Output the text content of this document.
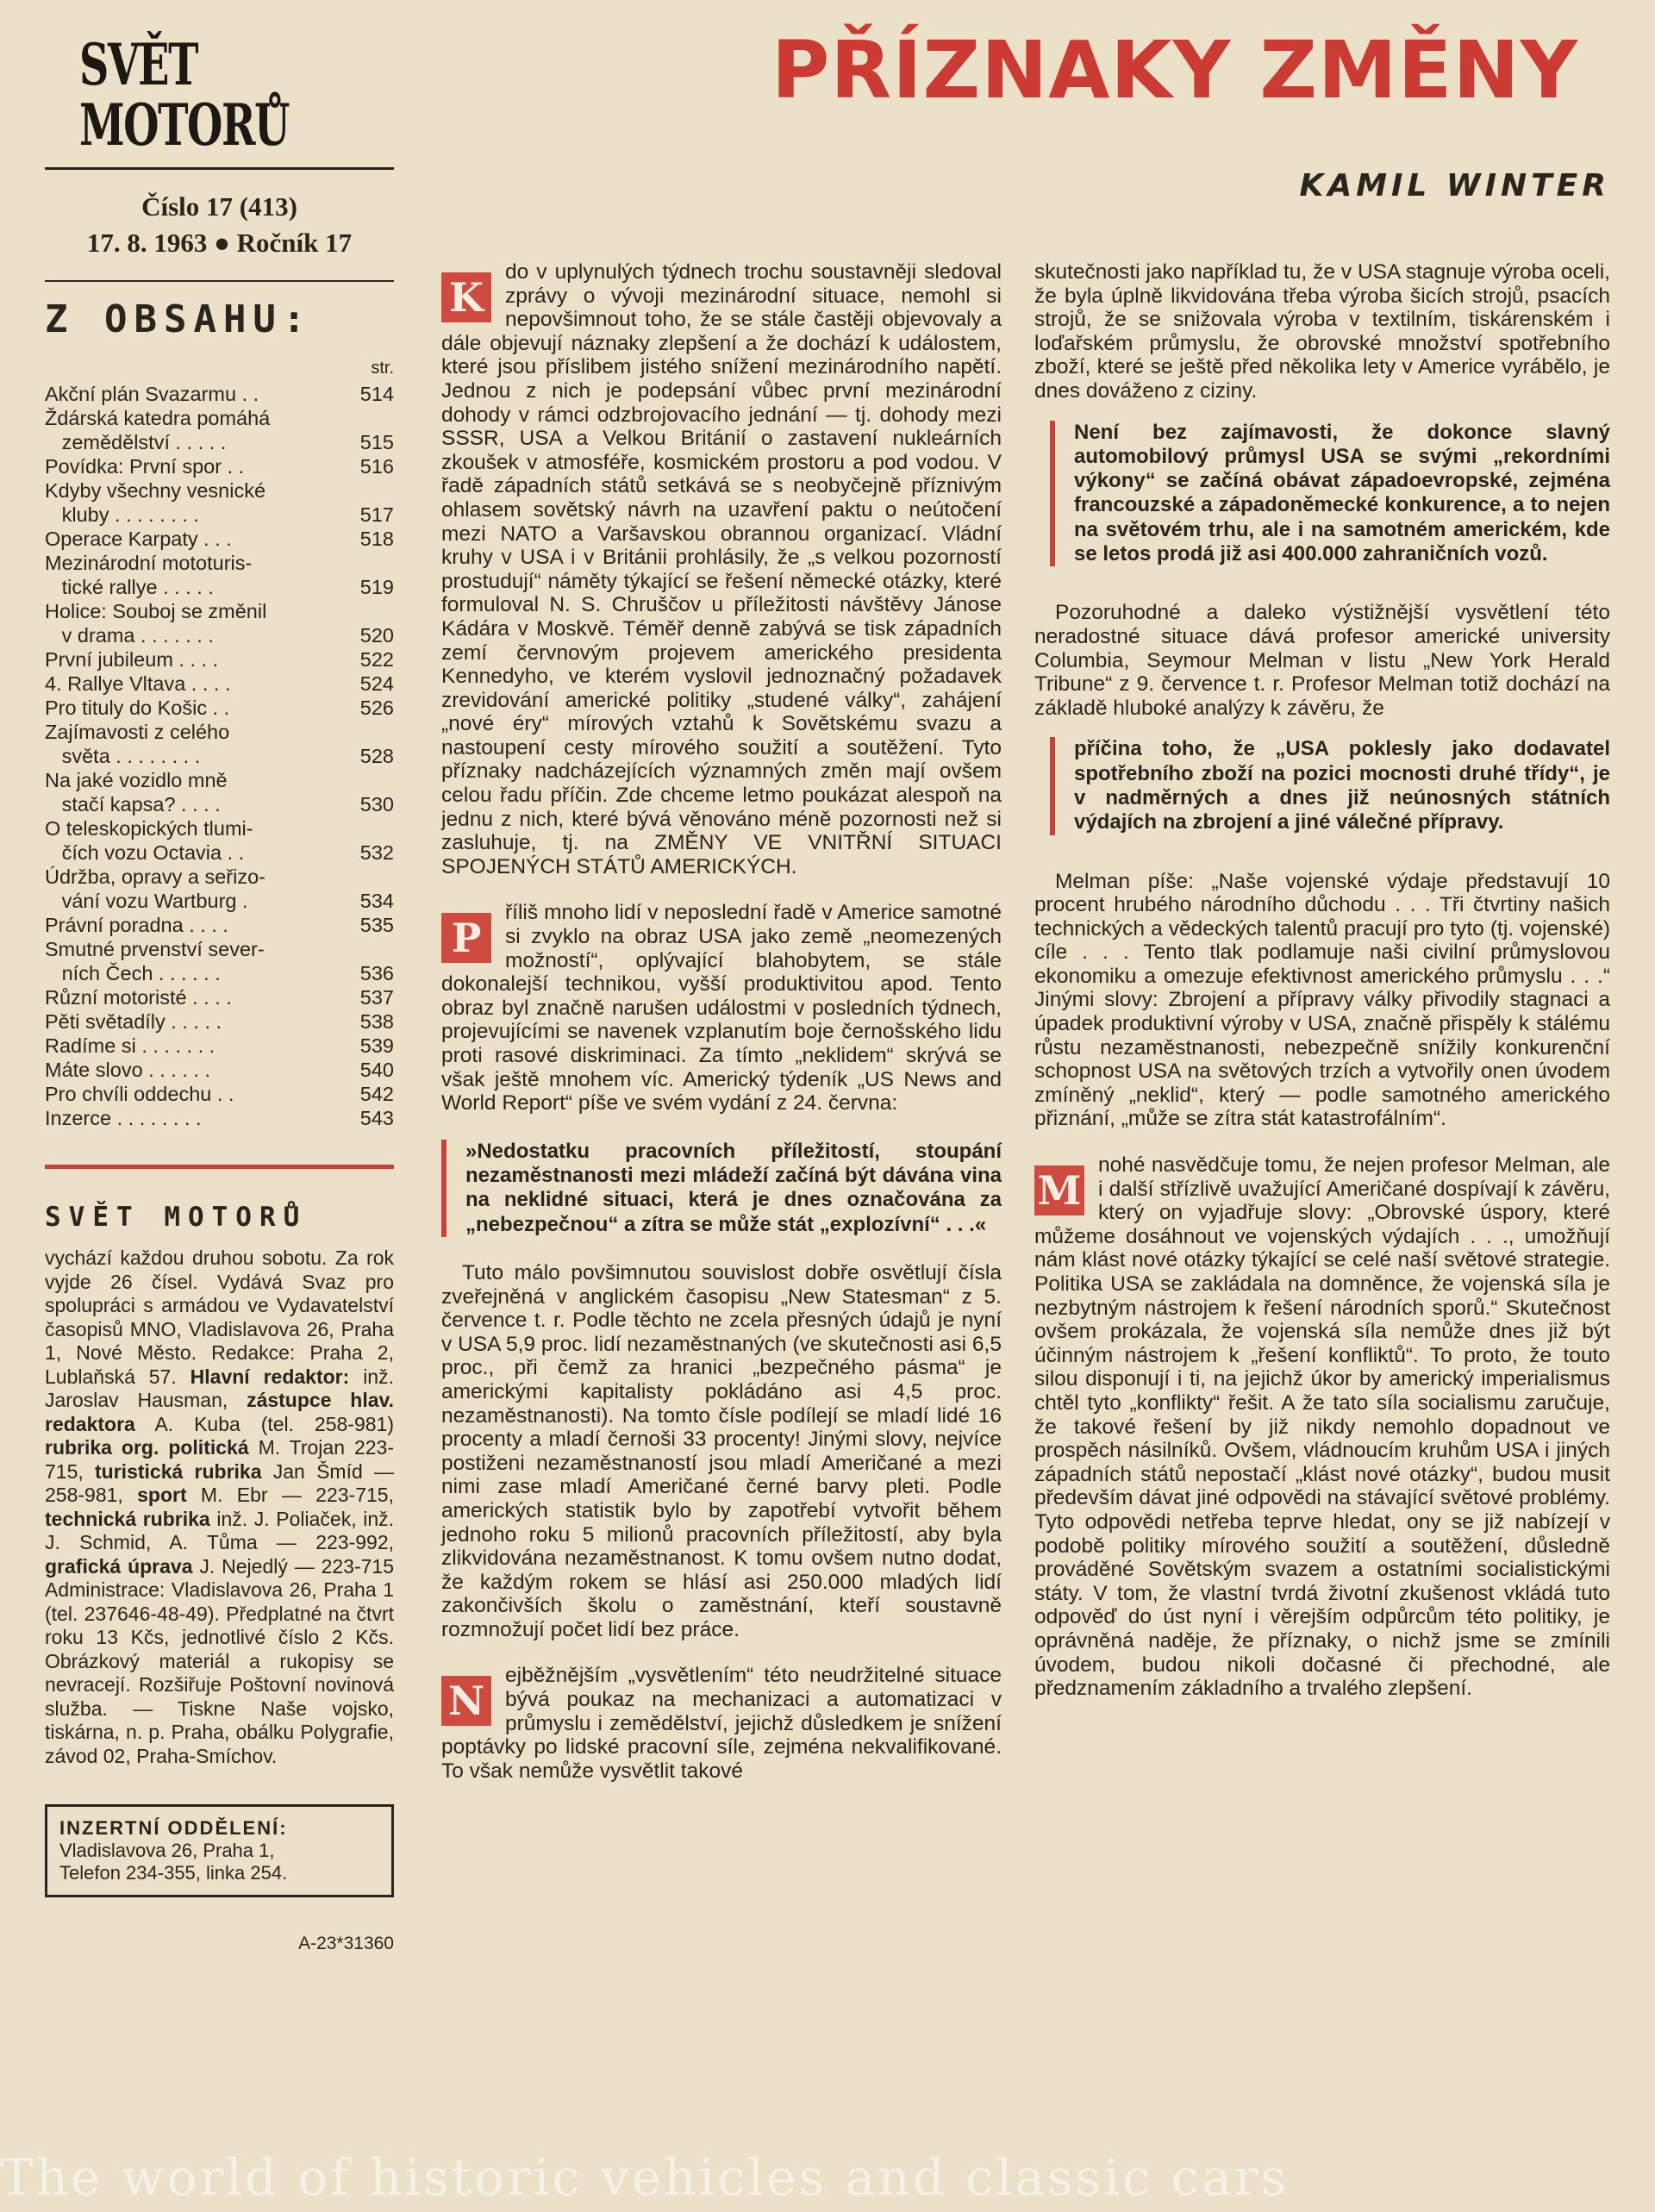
SVĚT MOTORŮ
Číslo 17 (413)
17. 8. 1963 ● Ročník 17
Z OBSAHU:
str.
Akční plán Svazarmu . .	514
Ždárská katedra pomáhá
zemědělství . . . . .	515
Povídka: První spor . .	516
Kdyby všechny vesnické
kluby . . . . . . . .	517
Operace Karpaty . . .	518
Mezinárodní mototuris-
tické rallye . . . . .	519
Holice: Souboj se změnil
v drama . . . . . . .	520
První jubileum . . . .	522
4. Rallye Vltava . . . .	524
Pro tituly do Košic . .	526
Zajímavosti z celého
světa . . . . . . . .	528
Na jaké vozidlo mně
stačí kapsa? . . . .	530
O teleskopických tlumi-
čích vozu Octavia . .	532
Údržba, opravy a seřizo-
vání vozu Wartburg .	534
Právní poradna . . . .	535
Smutné prvenství sever-
ních Čech . . . . . .	536
Různí motoristé . . . .	537
Pěti světadíly . . . . .	538
Radíme si . . . . . . .	539
Máte slovo . . . . . .	540
Pro chvíli oddechu . .	542
Inzerce . . . . . . . .	543
SVĚT MOTORŮ
vychází každou druhou sobotu. Za rok vyjde 26 čísel. Vydává Svaz pro spolupráci s armádou ve Vydavatelství časopisů MNO, Vladislavova 26, Praha 1, Nové Město. Redakce: Praha 2, Lublaňská 57. Hlavní redaktor: inž. Jaroslav Hausman, zástupce hlav. redaktora A. Kuba (tel. 258-981) rubrika org. politická M. Trojan 223-715, turistická rubrika Jan Šmíd — 258-981, sport M. Ebr — 223-715, technická rubrika inž. J. Poliaček, inž. J. Schmid, A. Tůma — 223-992, grafická úprava J. Nejedlý — 223-715 Administrace: Vladislavova 26, Praha 1 (tel. 237646-48-49). Předplatné na čtvrt roku 13 Kčs, jednotlivé číslo 2 Kčs. Obrázkový materiál a rukopisy se nevracejí. Rozšiřuje Poštovní novinová služba. — Tiskne Naše vojsko, tiskárna, n. p. Praha, obálku Polygrafie, závod 02, Praha-Smíchov.
INZERTNÍ ODDĚLENÍ:
Vladislavova 26, Praha 1,
Telefon 234-355, linka 254.
A-23*31360
PŘÍZNAKY ZMĚNY
KAMIL WINTER

K
do v uplynulých týdnech trochu soustavněji sledoval zprávy o vývoji mezinárodní situace, nemohl si nepovšimnout toho, že se stále častěji objevovaly a dále objevují náznaky zlepšení a že dochází k událostem, které jsou příslibem jistého snížení mezinárodního napětí. Jednou z nich je podepsání vůbec první mezinárodní dohody v rámci odzbrojovacího jednání — tj. dohody mezi SSSR, USA a Velkou Británií o zastavení nukleárních zkoušek v atmosféře, kosmickém prostoru a pod vodou. V řadě západních států setkává se s neobyčejně příznivým ohlasem sovětský návrh na uzavření paktu o neútočení mezi NATO a Varšavskou obrannou organizací. Vládní kruhy v USA i v Británii prohlásily, že „s velkou pozorností prostudují“ náměty týkající se řešení německé otázky, které formuloval N. S. Chruščov u příležitosti návštěvy Jánose Kádára v Moskvě. Téměř denně zabývá se tisk západních zemí červnovým projevem amerického presidenta Kennedyho, ve kterém vyslovil jednoznačný požadavek zrevidování americké politiky „studené války“, zahájení „nové éry“ mírových vztahů k Sovětskému svazu a nastoupení cesty mírového soužití a soutěžení. Tyto příznaky nadcházejících významných změn mají ovšem celou řadu příčin. Zde chceme letmo poukázat alespoň na jednu z nich, které bývá věnováno méně pozornosti než si zasluhuje, tj. na ZMĚNY VE VNITŘNÍ SITUACI SPOJENÝCH STÁTŮ AMERICKÝCH.

P
říliš mnoho lidí v neposlední řadě v Americe samotné si zvyklo na obraz USA jako země „neomezených možností“, oplývající blahobytem, se stále dokonalejší technikou, vyšší produktivitou apod. Tento obraz byl značně narušen událostmi v posledních týdnech, projevujícími se navenek vzplanutím boje černošského lidu proti rasové diskriminaci. Za tímto „neklidem“ skrývá se však ještě mnohem víc. Americký týdeník „US News and World Report“ píše ve svém vydání z 24. června:

»Nedostatku pracovních příležitostí, stoupání nezaměstnanosti mezi mládeží začíná být dávána vina na neklidné situaci, která je dnes označována za „nebezpečnou“ a zítra se může stát „explozívní“ . . .«

Tuto málo povšimnutou souvislost dobře osvětlují čísla zveřejněná v anglickém časopisu „New Statesman“ z 5. července t. r. Podle těchto ne zcela přesných údajů je nyní v USA 5,9 proc. lidí nezaměstnaných (ve skutečnosti asi 6,5 proc., při čemž za hranici „bezpečného pásma“ je americkými kapitalisty pokládáno asi 4,5 proc. nezaměstnanosti). Na tomto čísle podílejí se mladí lidé 16 procenty a mladí černoši 33 procenty! Jinými slovy, nejvíce postiženi nezaměstnaností jsou mladí Američané a mezi nimi zase mladí Američané černé barvy pleti. Podle amerických statistik bylo by zapotřebí vytvořit během jednoho roku 5 milionů pracovních příležitostí, aby byla zlikvidována nezaměstnanost. K tomu ovšem nutno dodat, že každým rokem se hlásí asi 250.000 mladých lidí zakončivších školu o zaměstnání, kteří soustavně rozmnožují počet lidí bez práce.

N
ejběžnějším „vysvětlením“ této neudržitelné situace bývá poukaz na mechanizaci a automatizaci v průmyslu i zemědělství, jejichž důsledkem je snížení poptávky po lidské pracovní síle, zejména nekvalifikované. To však nemůže vysvětlit takové

skutečnosti jako například tu, že v USA stagnuje výroba oceli, že byla úplně likvidována třeba výroba šicích strojů, psacích strojů, že se snižovala výroba v textilním, tiskárenském i loďařském průmyslu, že obrovské množství spotřebního zboží, které se ještě před několika lety v Americe vyrábělo, je dnes dováženo z ciziny.

Není bez zajímavosti, že dokonce slavný automobilový průmysl USA se svými „rekordními výkony“ se začíná obávat západoevropské, zejména francouzské a západoněmecké konkurence, a to nejen na světovém trhu, ale i na samotném americkém, kde se letos prodá již asi 400.000 zahraničních vozů.

Pozoruhodné a daleko výstižnější vysvětlení této neradostné situace dává profesor americké university Columbia, Seymour Melman v listu „New York Herald Tribune“ z 9. července t. r. Profesor Melman totiž dochází na základě hluboké analýzy k závěru, že

příčina toho, že „USA poklesly jako dodavatel spotřebního zboží na pozici mocnosti druhé třídy“, je v nadměrných a dnes již neúnosných státních výdajích na zbrojení a jiné válečné přípravy.

Melman píše: „Naše vojenské výdaje představují 10 procent hrubého národního důchodu . . . Tři čtvrtiny našich technických a vědeckých talentů pracují pro tyto (tj. vojenské) cíle . . . Tento tlak podlamuje naši civilní průmyslovou ekonomiku a omezuje efektivnost amerického průmyslu . . .“ Jinými slovy: Zbrojení a přípravy války přivodily stagnaci a úpadek produktivní výroby v USA, značně přispěly k stálému růstu nezaměstnanosti, nebezpečně snížily konkurenční schopnost USA na světových trzích a vytvořily onen úvodem zmíněný „neklid“, který — podle samotného amerického přiznání, „může se zítra stát katastrofálním“.

M
nohé nasvědčuje tomu, že nejen profesor Melman, ale i další střízlivě uvažující Američané dospívají k závěru, který on vyjadřuje slovy: „Obrovské úspory, které můžeme dosáhnout ve vojenských výdajích . . ., umožňují nám klást nové otázky týkající se celé naší světové strategie. Politika USA se zakládala na domněnce, že vojenská síla je nezbytným nástrojem k řešení národních sporů.“ Skutečnost ovšem prokázala, že vojenská síla nemůže dnes již být účinným nástrojem k „řešení konfliktů“. To proto, že touto silou disponují i ti, na jejichž úkor by americký imperialismus chtěl tyto „konflikty“ řešit. A že tato síla socialismu zaručuje, že takové řešení by již nikdy nemohlo dopadnout ve prospěch násilníků. Ovšem, vládnoucím kruhům USA i jiných západních států nepostačí „klást nové otázky“, budou musit především dávat jiné odpovědi na stávající světové problémy. Tyto odpovědi netřeba teprve hledat, ony se již nabízejí v podobě politiky mírového soužití a soutěžení, důsledně prováděné Sovětským svazem a ostatními socialistickými státy. V tom, že vlastní tvrdá životní zkušenost vkládá tuto odpověď do úst nyní i věrejším odpůrcům této politiky, je oprávněná naděje, že příznaky, o nichž jsme se zmínili úvodem, budou nikoli dočasné či přechodné, ale předznamením základního a trvalého zlepšení.

The world of historic vehicles and classic cars
